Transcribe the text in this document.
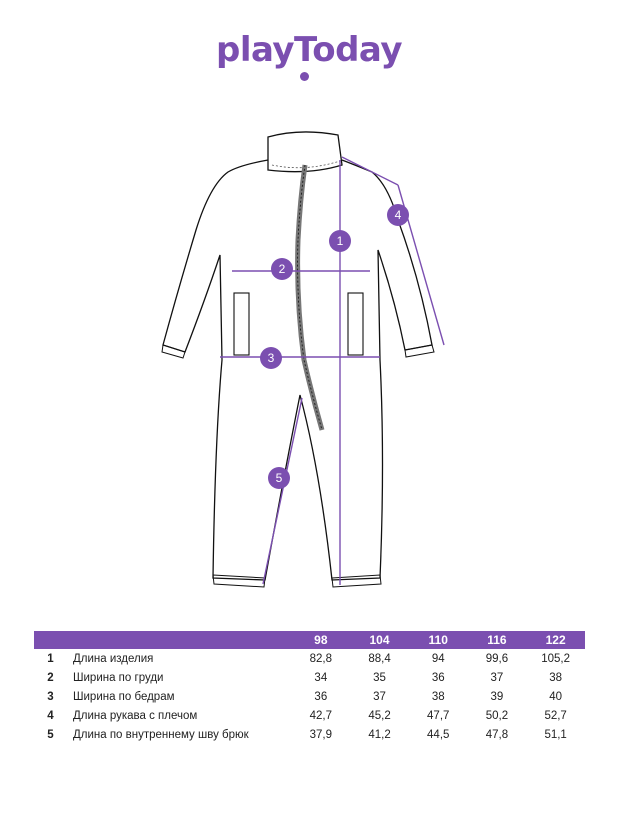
playToday
1
2
3
4
5
		98	104	110	116	122
1	Длина изделия	82,8	88,4	94	99,6	105,2
2	Ширина по груди	34	35	36	37	38
3	Ширина по бедрам	36	37	38	39	40
4	Длина рукава с плечом	42,7	45,2	47,7	50,2	52,7
5	Длина по внутреннему шву брюк	37,9	41,2	44,5	47,8	51,1
